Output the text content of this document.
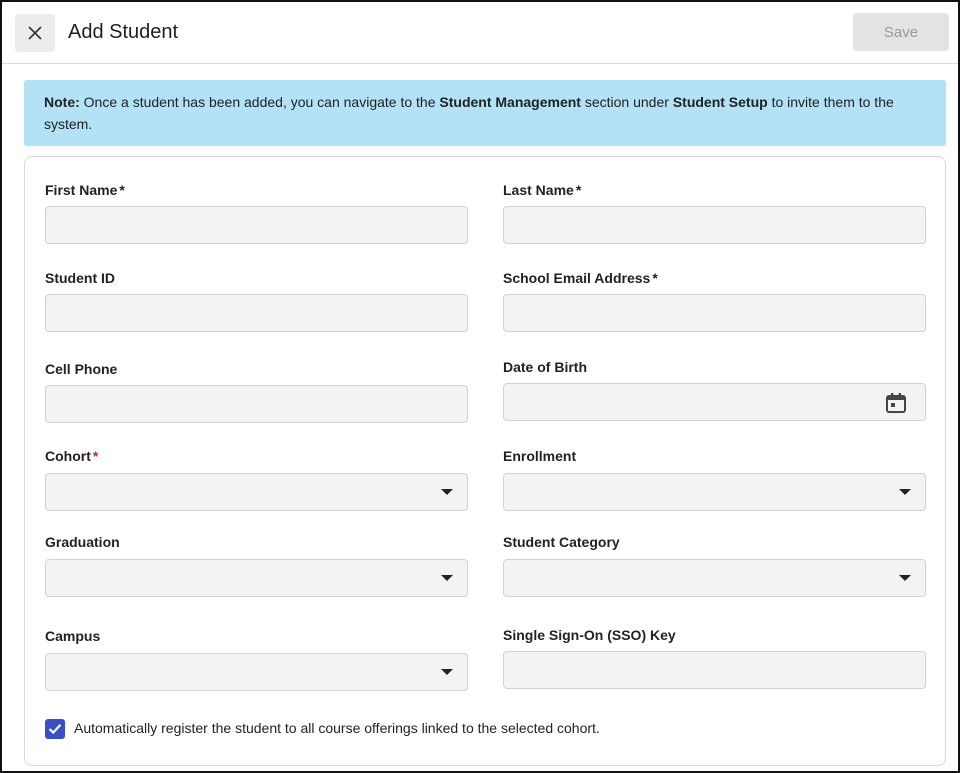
Add Student	Save
Note: Once a student has been added, you can navigate to the Student Management section under Student Setup to invite them to the system.
First Name *	Last Name *
Student ID	School Email Address *
Cell Phone	Date of Birth
Cohort *	Enrollment
Graduation	Student Category
Campus	Single Sign-On (SSO) Key
Automatically register the student to all course offerings linked to the selected cohort.
